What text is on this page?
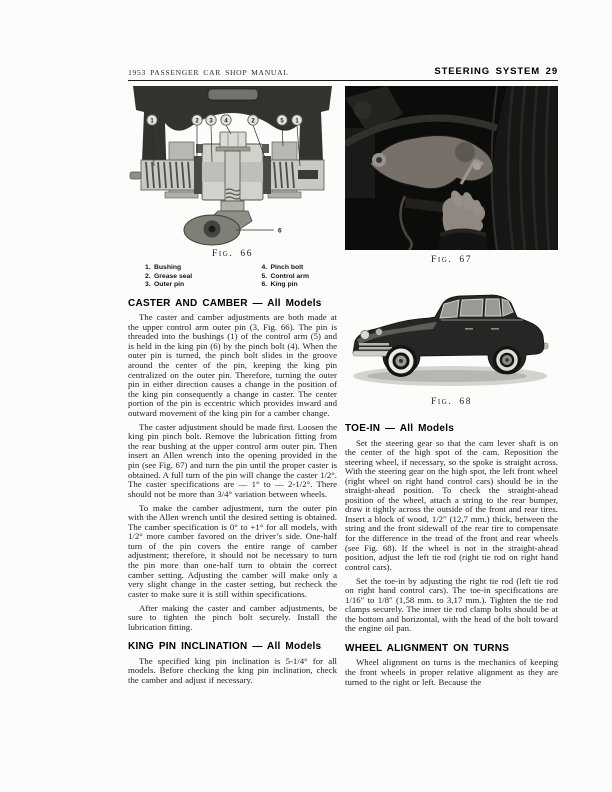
1953 PASSENGER CAR SHOP MANUAL	STEERING SYSTEM 29
1	2 3 4	2	5 1
6
Fig. 66
1. Bushing
2. Grease seal
3. Outer pin
4. Pinch bolt
5. Control arm
6. King pin
CASTER AND CAMBER — All Models

The caster and camber adjustments are both made at the upper control arm outer pin (3, Fig. 66). The pin is threaded into the bushings (1) of the control arm (5) and is held in the king pin (6) by the pinch bolt (4). When the outer pin is turned, the pinch bolt slides in the groove around the center of the pin, keeping the king pin centralized on the outer pin. Therefore, turning the outer pin in either direction causes a change in the position of the king pin consequently a change in caster. The center portion of the pin is eccentric which provides inward and outward movement of the king pin for a camber change.

The caster adjustment should be made first. Loosen the king pin pinch bolt. Remove the lubrication fitting from the rear bushing at the upper control arm outer pin. Then insert an Allen wrench into the opening provided in the pin (see Fig. 67) and turn the pin until the proper caster is obtained. A full turn of the pin will change the caster 1/2°. The caster specifications are — 1° to — 2-1/2°. There should not be more than 3/4° variation between wheels.

To make the camber adjustment, turn the outer pin with the Allen wrench until the desired setting is obtained. The camber specification is 0° to +1° for all models, with 1/2° more camber favored on the driver’s side. One-half turn of the pin covers the entire range of camber adjustment; therefore, it should not be necessary to turn the pin more than one-half turn to obtain the correct camber setting. Adjusting the camber will make only a very slight change in the caster setting, but recheck the caster to make sure it is still within specifications.

After making the caster and camber adjustments, be sure to tighten the pinch bolt securely. Install the lubrication fitting.

KING PIN INCLINATION — All Models

The specified king pin inclination is 5-1/4° for all models. Before checking the king pin inclination, check the camber and adjust if necessary.

Fig. 67
Fig. 68
TOE-IN — All Models

Set the steering gear so that the cam lever shaft is on the center of the high spot of the cam. Reposition the steering wheel, if necessary, so the spoke is straight across. With the steering gear on the high spot, the left front wheel (right wheel on right hand control cars) should be in the straight-ahead position. To check the straight-ahead position of the wheel, attach a string to the rear bumper, draw it tightly across the outside of the front and rear tires. Insert a block of wood, 1/2″ (12,7 mm.) thick, between the string and the front sidewall of the rear tire to compensate for the difference in the tread of the front and rear wheels (see Fig. 68). If the wheel is not in the straight-ahead position, adjust the left tie rod (right tie rod on right hand control cars).

Set the toe-in by adjusting the right tie rod (left tie rod on right hand control cars). The toe-in specifications are 1/16″ to 1/8″ (1,58 mm. to 3,17 mm.). Tighten the tie rod clamps securely. The inner tie rod clamp bolts should be at the bottom and horizontal, with the head of the bolt toward the engine oil pan.

WHEEL ALIGNMENT ON TURNS

Wheel alignment on turns is the mechanics of keeping the front wheels in proper relative alignment as they are turned to the right or left. Because the
